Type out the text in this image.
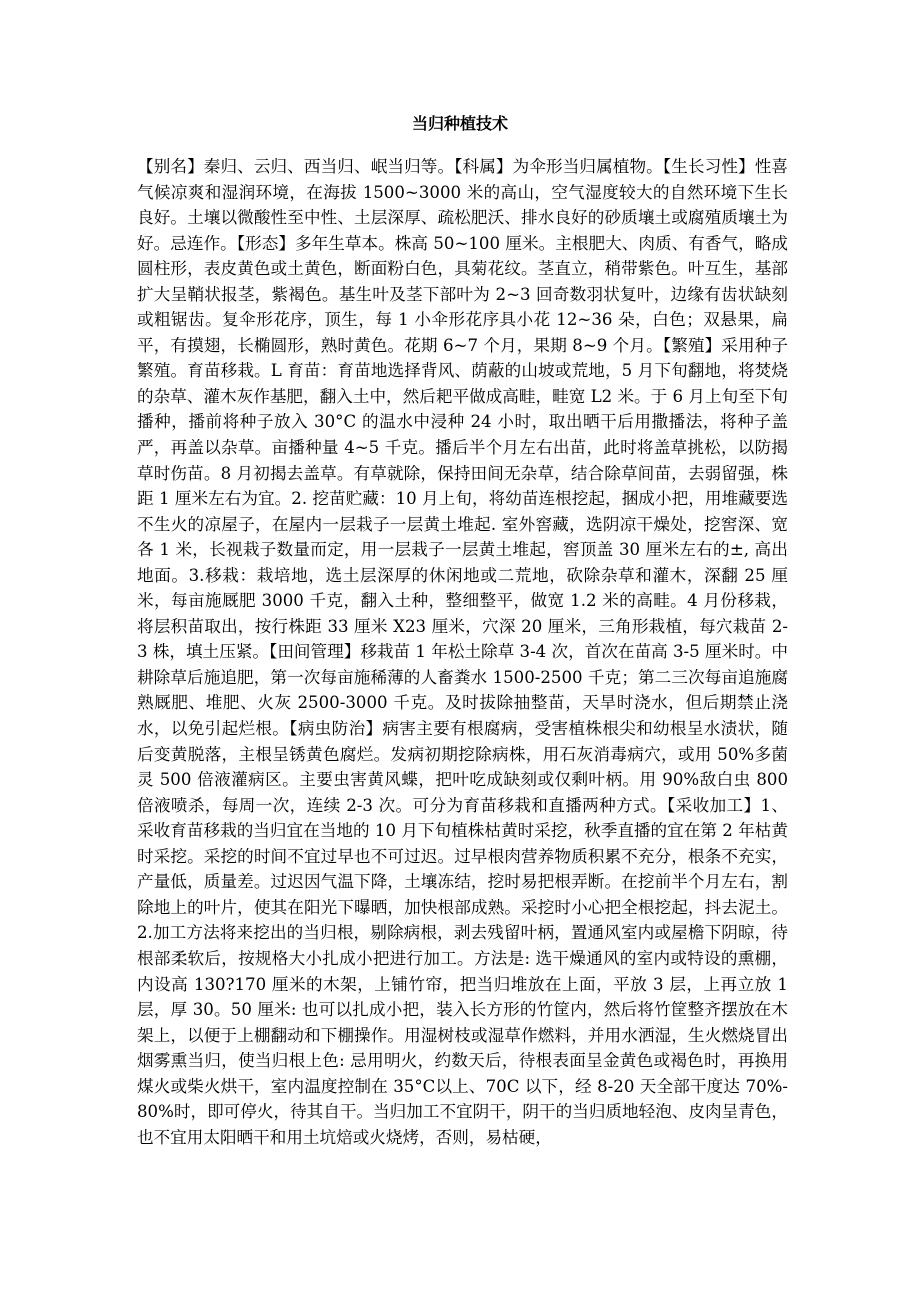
当归种植技术

【别名】秦归、云归、西当归、岷当归等。【科属】为伞形当归属植物。【生长习性】性喜气候凉爽和湿润环境，在海拔 1500~3000 米的高山，空气湿度较大的自然环境下生长良好。土壤以微酸性至中性、土层深厚、疏松肥沃、排水良好的砂质壤土或腐殖质壤土为好。忌连作。【形态】多年生草本。株高 50~100 厘米。主根肥大、肉质、有香气，略成圆柱形，表皮黄色或土黄色，断面粉白色，具菊花纹。茎直立，稍带紫色。叶互生，基部扩大呈鞘状报茎，紫褐色。基生叶及茎下部叶为 2~3 回奇数羽状复叶，边缘有齿状缺刻或粗锯齿。复伞形花序，顶生，每 1 小伞形花序具小花 12~36 朵，白色；双悬果，扁平，有摸翅，长椭圆形，熟时黄色。花期 6~7 个月，果期 8~9 个月。【繁殖】采用种子繁殖。育苗移栽。L 育苗：育苗地选择背风、荫蔽的山坡或荒地，5 月下旬翻地，将焚烧的杂草、灌木灰作基肥，翻入土中，然后耙平做成高畦，畦宽 L2 米。于 6 月上旬至下旬播种，播前将种子放入 30°C 的温水中浸种 24 小时，取出晒干后用撒播法，将种子盖严，再盖以杂草。亩播种量 4~5 千克。播后半个月左右出苗，此时将盖草挑松，以防揭草时伤苗。8 月初揭去盖草。有草就除，保持田间无杂草，结合除草间苗，去弱留强，株距 1 厘米左右为宜。2. 挖苗贮藏：10 月上旬，将幼苗连根挖起，捆成小把，用堆藏要选不生火的凉屋子，在屋内一层栽子一层黄土堆起. 室外窖藏，选阴凉干燥处，挖窖深、宽各 1 米，长视栽子数量而定，用一层栽子一层黄土堆起，窖顶盖 30 厘米左右的±, 高出地面。3.移栽：栽培地，选土层深厚的休闲地或二荒地，砍除杂草和灌木，深翻 25 厘米，每亩施厩肥 3000 千克，翻入土种，整细整平，做宽 1.2 米的高畦。4 月份移栽，将层积苗取出，按行株距 33 厘米 X23 厘米，穴深 20 厘米，三角形栽植，每穴栽苗 2-3 株，填土压紧。【田间管理】移栽苗 1 年松土除草 3-4 次，首次在苗高 3-5 厘米时。中耕除草后施追肥，第一次每亩施稀薄的人畜粪水 1500-2500 千克；第二三次每亩追施腐熟厩肥、堆肥、火灰 2500-3000 千克。及时拔除抽整苗，天旱时浇水，但后期禁止浇水，以免引起烂根。【病虫防治】病害主要有根腐病，受害植株根尖和幼根呈水渍状，随后变黄脱落，主根呈锈黄色腐烂。发病初期挖除病株，用石灰消毒病穴，或用 50%多菌灵 500 倍液灌病区。主要虫害黄风蝶，把叶吃成缺刻或仅剩叶柄。用 90%敌白虫 800 倍液喷杀，每周一次，连续 2-3 次。可分为育苗移栽和直播两种方式。【采收加工】1、采收育苗移栽的当归宜在当地的 10 月下旬植株枯黄时采挖，秋季直播的宜在第 2 年枯黄时采挖。采挖的时间不宜过早也不可过迟。过早根肉营养物质积累不充分，根条不充实，产量低，质量差。过迟因气温下降，土壤冻结，挖时易把根弄断。在挖前半个月左右，割除地上的叶片，使其在阳光下曝晒，加快根部成熟。采挖时小心把全根挖起，抖去泥土。2.加工方法将来挖出的当归根，剔除病根，剥去残留叶柄，置通风室内或屋檐下阴晾，待根部柔软后，按规格大小扎成小把进行加工。方法是: 选干燥通风的室内或特设的熏棚，内设高 130?170 厘米的木架，上铺竹帘，把当归堆放在上面，平放 3 层，上再立放 1 层，厚 30。50 厘米: 也可以扎成小把，装入长方形的竹筐内，然后将竹筐整齐摆放在木架上，以便于上棚翻动和下棚操作。用湿树枝或湿草作燃料，并用水洒湿，生火燃烧冒出烟雾熏当归，使当归根上色: 忌用明火，约数天后，待根表面呈金黄色或褐色时，再换用煤火或柴火烘干，室内温度控制在 35°C以上、70C 以下，经 8-20 天全部干度达 70%-80%时，即可停火，待其自干。当归加工不宜阴干，阴干的当归质地轻泡、皮肉呈青色，也不宜用太阳晒干和用土坑焙或火烧烤，否则，易枯硬，
